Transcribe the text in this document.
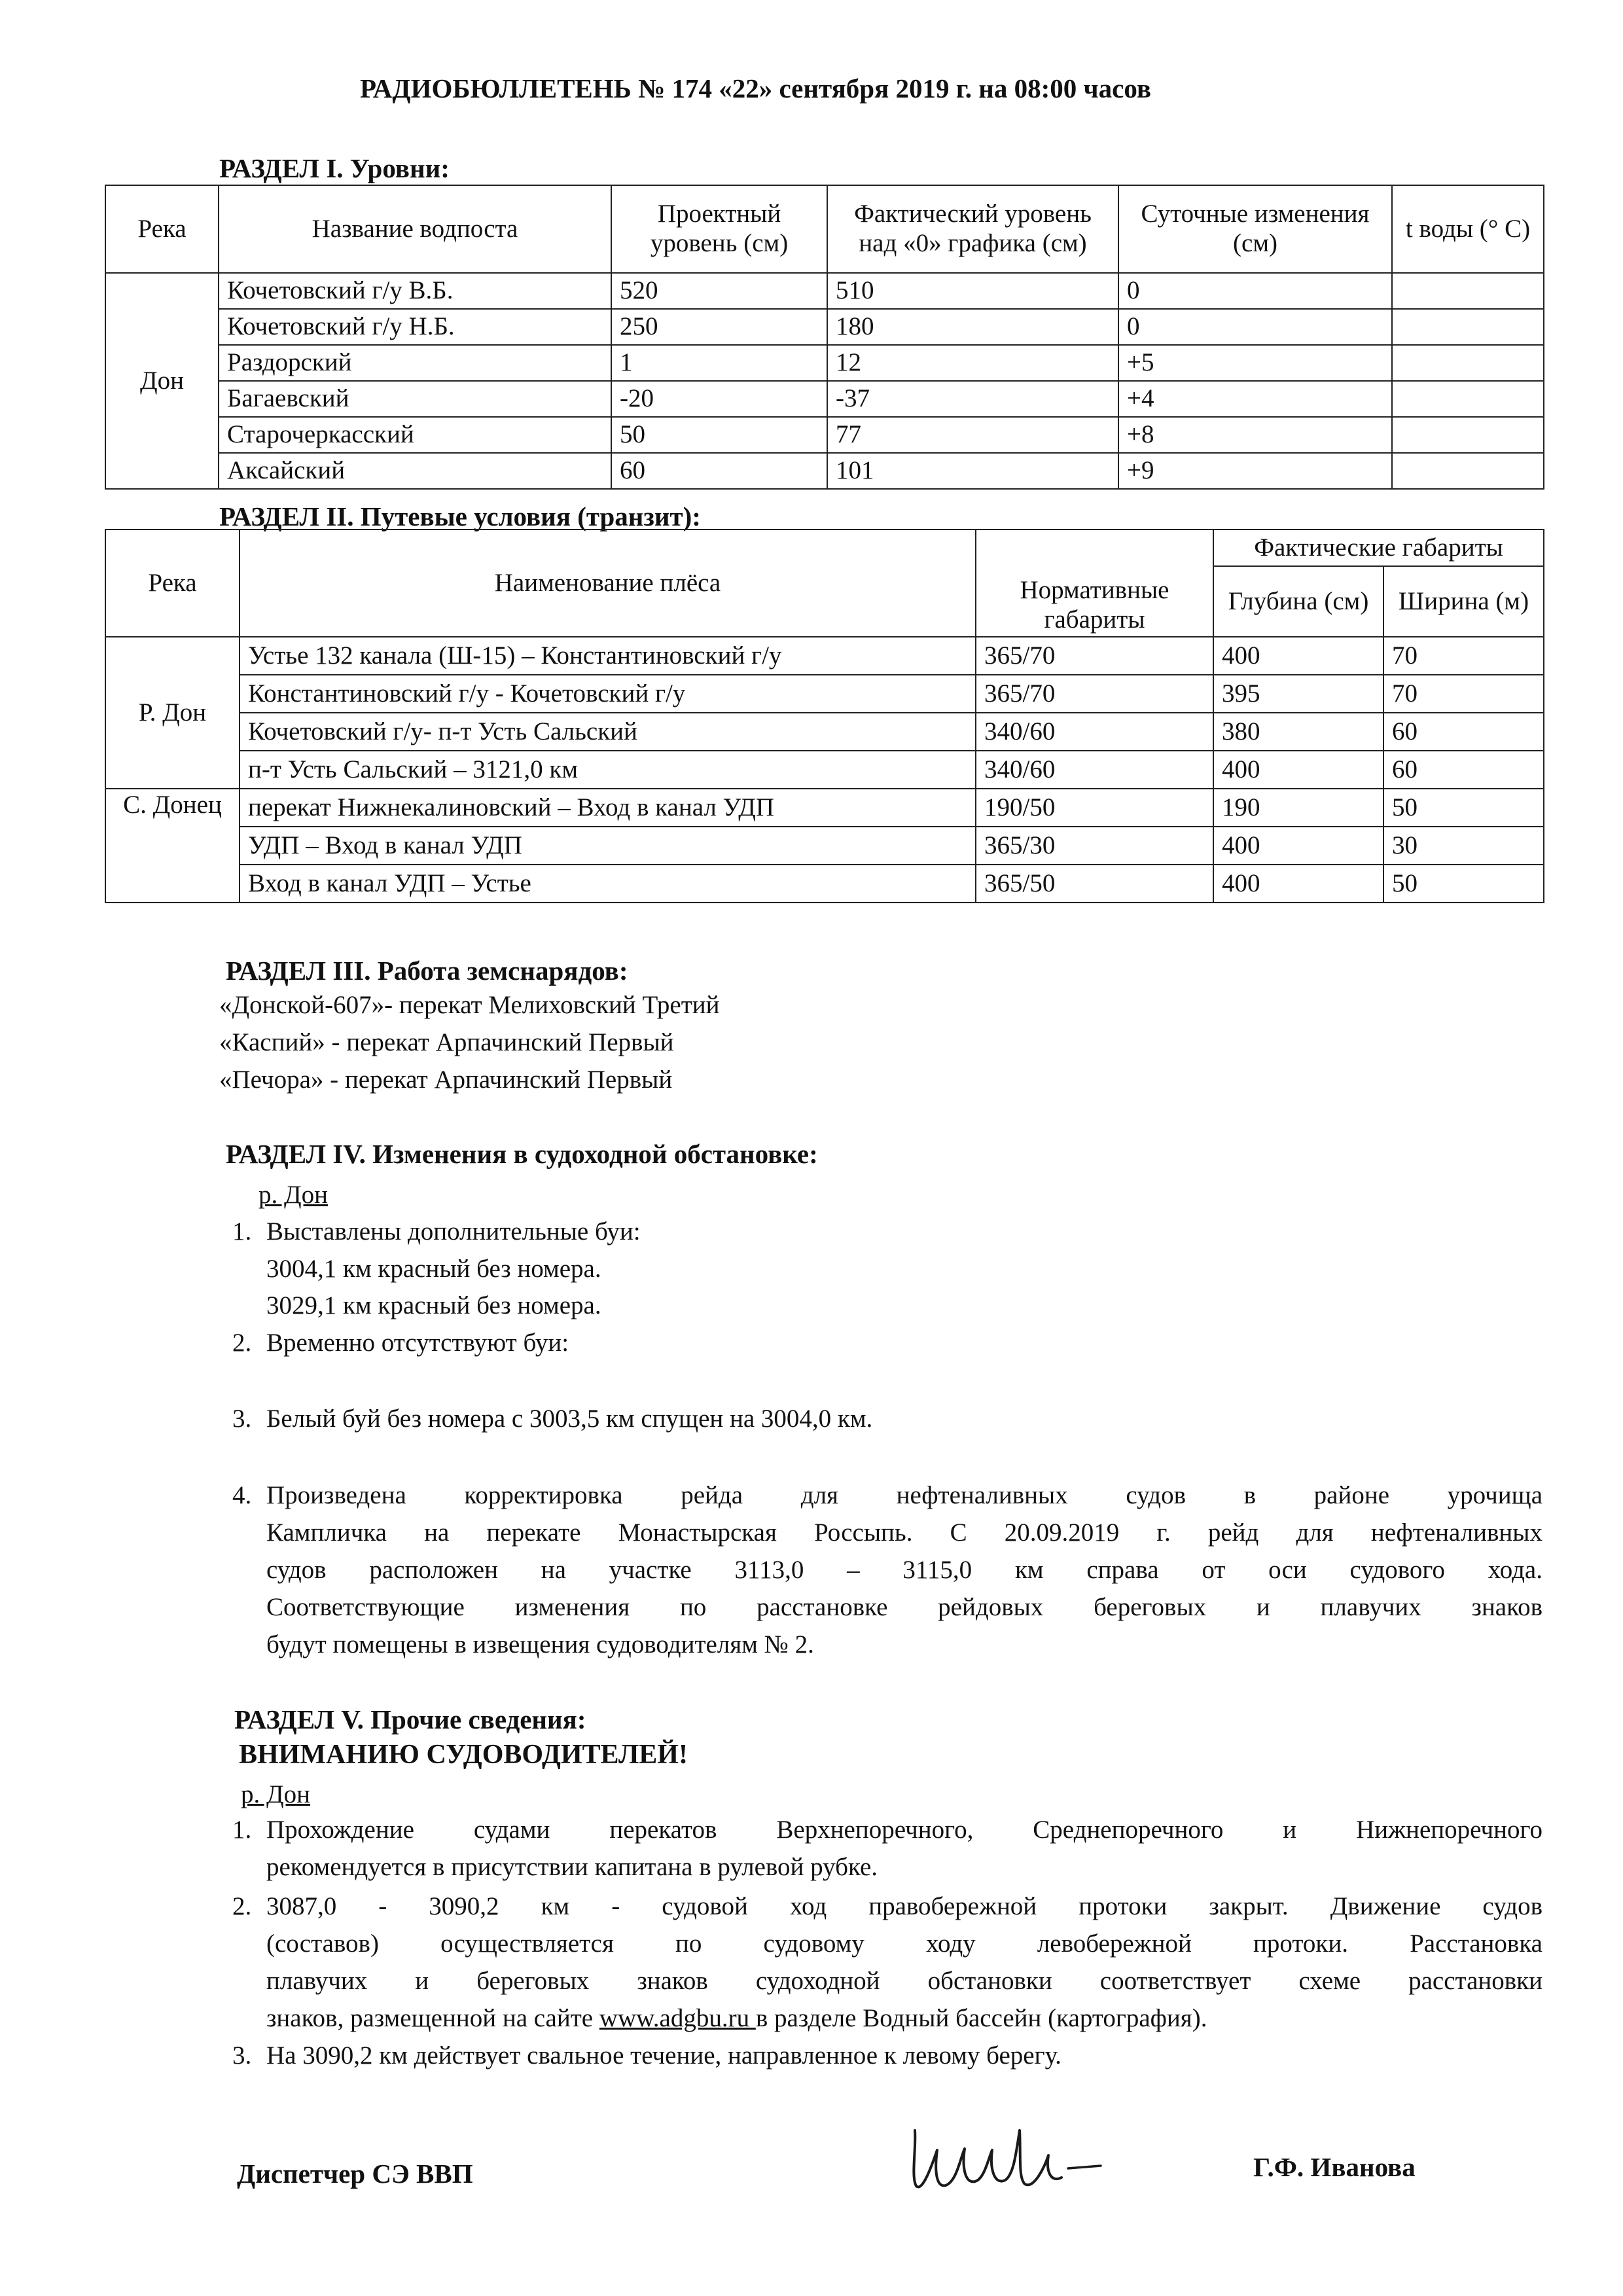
РАДИОБЮЛЛЕТЕНЬ № 174 «22» сентября 2019 г. на 08:00 часов
РАЗДЕЛ I. Уровни:
Река	Название водпоста	Проектный уровень (см)	Фактический уровень над «0» графика (см)	Суточные изменения (см)	t воды (° С)
Дон	Кочетовский г/у В.Б.	520	510	0	
	Кочетовский г/у Н.Б.	250	180	0	
	Раздорский	1	12	+5	
	Багаевский	-20	-37	+4	
	Старочеркасский	50	77	+8	
	Аксайский	60	101	+9	
РАЗДЕЛ II. Путевые условия (транзит):
Река	Наименование плёса	Нормативные габариты	Фактические габариты	
			Глубина (см)	Ширина (м)
Р. Дон	Устье 132 канала (Ш-15) – Константиновский г/у	365/70	400	70
	Константиновский г/у - Кочетовский г/у	365/70	395	70
	Кочетовский г/у- п-т Усть Сальский	340/60	380	60
	п-т Усть Сальский – 3121,0 км	340/60	400	60
С. Донец	перекат Нижнекалиновский – Вход в канал УДП	190/50	190	50
	УДП – Вход в канал УДП	365/30	400	30
	Вход в канал УДП – Устье	365/50	400	50
РАЗДЕЛ III. Работа земснарядов:
«Донской-607»- перекат Мелиховский Третий
«Каспий» - перекат Арпачинский Первый
«Печора» - перекат Арпачинский Первый
РАЗДЕЛ IV. Изменения в судоходной обстановке:
р. Дон
1. Выставлены дополнительные буи:
3004,1 км красный без номера.
3029,1 км красный без номера.
2. Временно отсутствуют буи:
3. Белый буй без номера с 3003,5 км спущен на 3004,0 км.
4. Произведена корректировка рейда для нефтеналивных судов в районе урочища
Кампличка на перекате Монастырская Россыпь. С 20.09.2019 г. рейд для нефтеналивных
судов расположен на участке 3113,0 – 3115,0 км справа от оси судового хода.
Соответствующие изменения по расстановке рейдовых береговых и плавучих знаков
будут помещены в извещения судоводителям № 2.
РАЗДЕЛ V. Прочие сведения:
ВНИМАНИЮ СУДОВОДИТЕЛЕЙ!
р. Дон
1. Прохождение судами перекатов Верхнепоречного, Среднепоречного и Нижнепоречного
рекомендуется в присутствии капитана в рулевой рубке.
2. 3087,0 - 3090,2 км - судовой ход правобережной протоки закрыт. Движение судов
(составов) осуществляется по судовому ходу левобережной протоки. Расстановка
плавучих и береговых знаков судоходной обстановки соответствует схеме расстановки
знаков, размещенной на сайте www.adgbu.ru в разделе Водный бассейн (картография).
3. На 3090,2 км действует свальное течение, направленное к левому берегу.
Диспетчер СЭ ВВП	Г.Ф. Иванова
